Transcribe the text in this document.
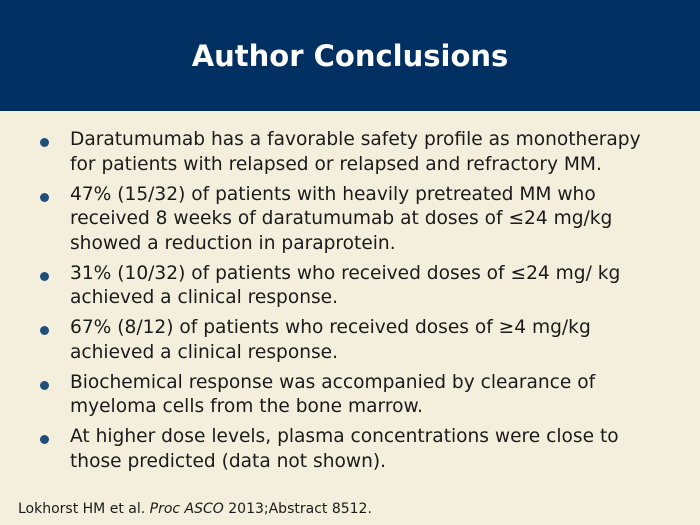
Author Conclusions
Daratumumab has a favorable safety profile as monotherapy for patients with relapsed or relapsed and refractory MM.
47% (15/32) of patients with heavily pretreated MM who received 8 weeks of daratumumab at doses of ≤24 mg/kg showed a reduction in paraprotein.
31% (10/32) of patients who received doses of ≤24 mg/ kg achieved a clinical response.
67% (8/12) of patients who received doses of ≥4 mg/kg achieved a clinical response.
Biochemical response was accompanied by clearance of myeloma cells from the bone marrow.
At higher dose levels, plasma concentrations were close to those predicted (data not shown).

Lokhorst HM et al. Proc ASCO 2013;Abstract 8512.
